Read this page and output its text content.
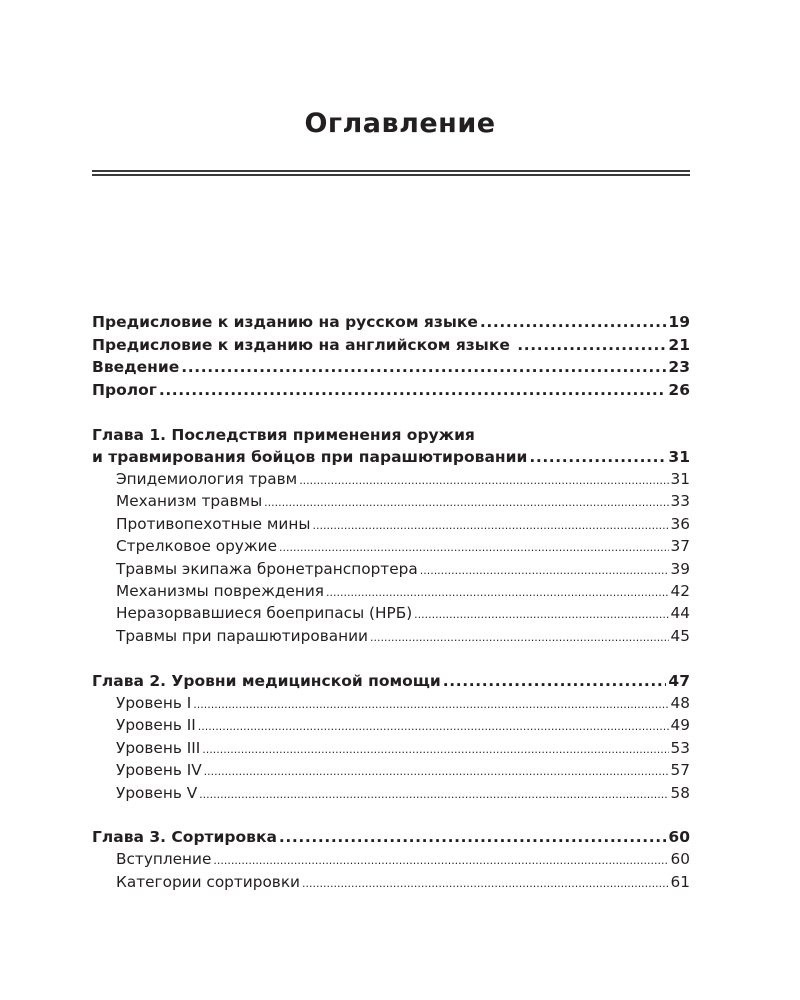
Оглавление
Предисловие к изданию на русском языке .....	19
Предисловие к изданию на английском языке .....	21
Введение .....	23
Пролог .....	26
Глава 1. Последствия применения оружия
и травмирования бойцов при парашютировании .....	31
Эпидемиология травм .....	31
Механизм травмы .....	33
Противопехотные мины .....	36
Стрелковое оружие .....	37
Травмы экипажа бронетранспортера .....	39
Механизмы повреждения .....	42
Неразорвавшиеся боеприпасы (НРБ) .....	44
Травмы при парашютировании .....	45
Глава 2. Уровни медицинской помощи .....	47
Уровень I .....	48
Уровень II .....	49
Уровень III .....	53
Уровень IV .....	57
Уровень V .....	58
Глава 3. Сортировка .....	60
Вступление .....	60
Категории сортировки .....	61
